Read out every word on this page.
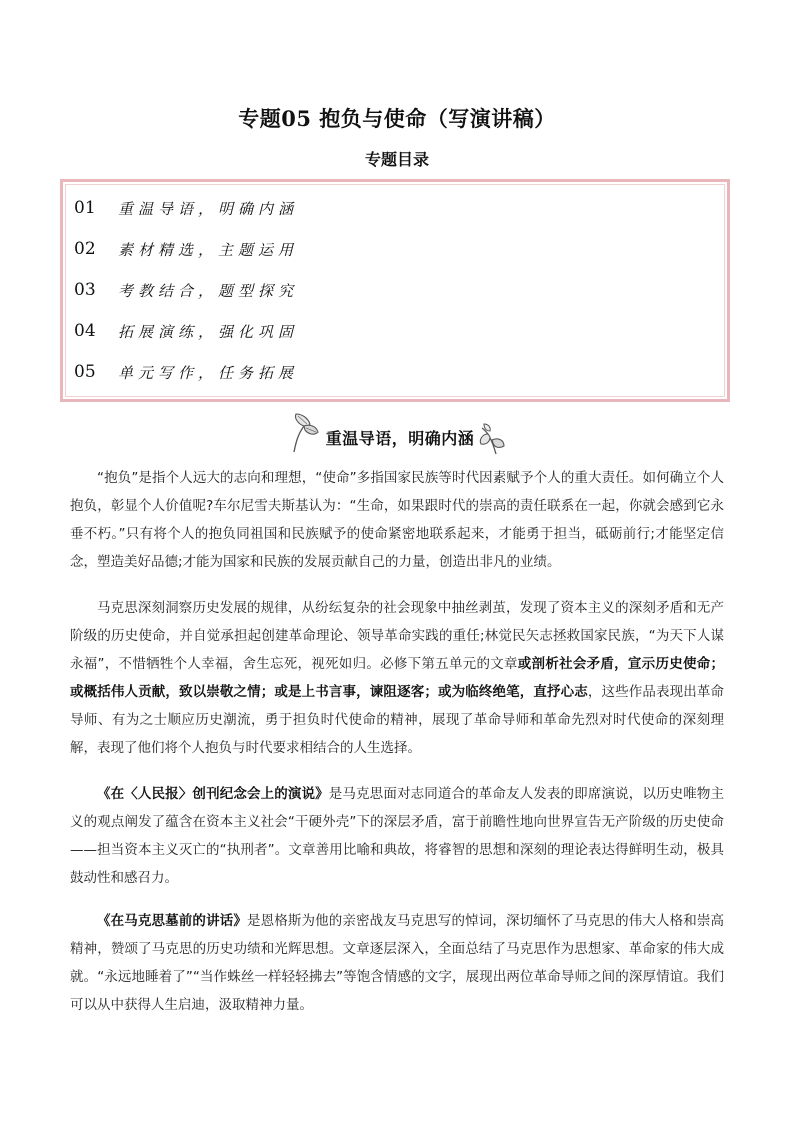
专题05 抱负与使命（写演讲稿）
专题目录
01	重温导语，明确内涵
02	素材精选，主题运用
03	考教结合，题型探究
04	拓展演练，强化巩固
05	单元写作，任务拓展
重温导语，明确内涵

“抱负”是指个人远大的志向和理想，“使命”多指国家民族等时代因素赋予个人的重大责任。如何确立个人抱负，彰显个人价值呢?车尔尼雪夫斯基认为：“生命，如果跟时代的崇高的责任联系在一起，你就会感到它永垂不朽。”只有将个人的抱负同祖国和民族赋予的使命紧密地联系起来，才能勇于担当，砥砺前行;才能坚定信念，塑造美好品德;才能为国家和民族的发展贡献自己的力量，创造出非凡的业绩。

马克思深刻洞察历史发展的规律，从纷纭复杂的社会现象中抽丝剥茧，发现了资本主义的深刻矛盾和无产阶级的历史使命，并自觉承担起创建革命理论、领导革命实践的重任;林觉民矢志拯救国家民族，“为天下人谋永福”，不惜牺牲个人幸福，舍生忘死，视死如归。必修下第五单元的文章或剖析社会矛盾，宣示历史使命；或概括伟人贡献，致以崇敬之情；或是上书言事，谏阻逐客；或为临终绝笔，直抒心志，这些作品表现出革命导师、有为之士顺应历史潮流，勇于担负时代使命的精神，展现了革命导师和革命先烈对时代使命的深刻理解，表现了他们将个人抱负与时代要求相结合的人生选择。

《在〈人民报〉创刊纪念会上的演说》是马克思面对志同道合的革命友人发表的即席演说，以历史唯物主义的观点阐发了蕴含在资本主义社会“干硬外壳”下的深层矛盾，富于前瞻性地向世界宣告无产阶级的历史使命——担当资本主义灭亡的“执刑者”。文章善用比喻和典故，将睿智的思想和深刻的理论表达得鲜明生动，极具鼓动性和感召力。

《在马克思墓前的讲话》是恩格斯为他的亲密战友马克思写的悼词，深切缅怀了马克思的伟大人格和崇高精神，赞颂了马克思的历史功绩和光辉思想。文章逐层深入，全面总结了马克思作为思想家、革命家的伟大成就。“永远地睡着了”“当作蛛丝一样轻轻拂去”等饱含情感的文字，展现出两位革命导师之间的深厚情谊。我们可以从中获得人生启迪，汲取精神力量。
